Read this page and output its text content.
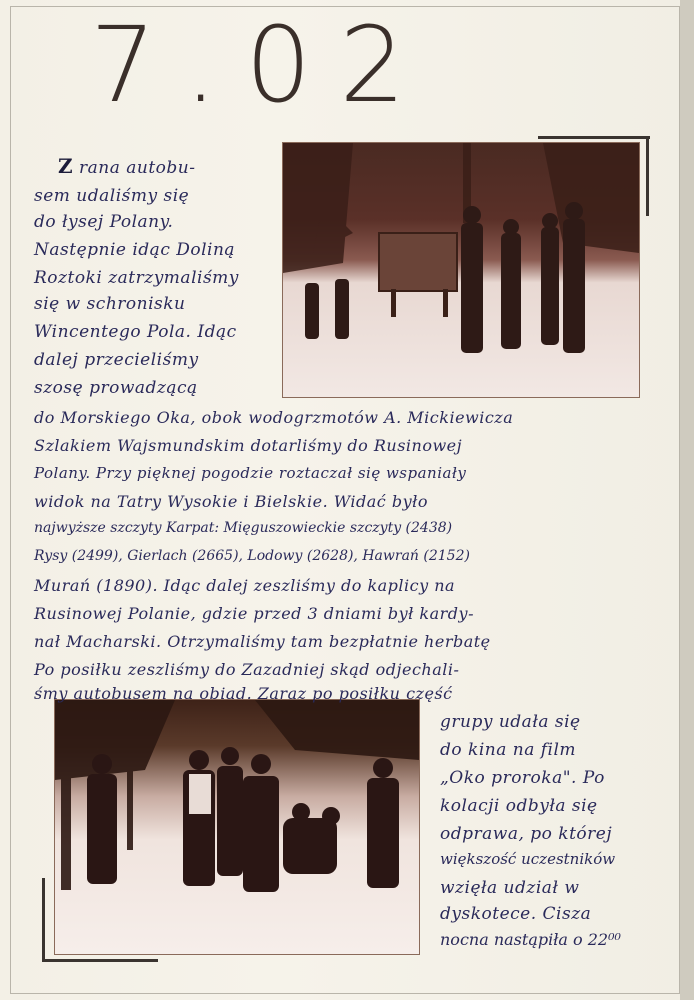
7.02
Z rana autobu-
sem udaliśmy się
do łysej Polany.
Następnie idąc Doliną
Roztoki zatrzymaliśmy
się w schronisku
Wincentego Pola. Idąc
dalej przecieliśmy
szosę prowadzącą
do Morskiego Oka, obok wodogrzmotów A. Mickiewicza
Szlakiem Wajsmundskim dotarliśmy do Rusinowej
Polany. Przy pięknej pogodzie roztaczał się wspaniały
widok na Tatry Wysokie i Bielskie. Widać było
najwyższe szczyty Karpat: Mięguszowieckie szczyty (2438)
Rysy (2499), Gierlach (2665), Lodowy (2628), Hawrań (2152)
Murań (1890). Idąc dalej zeszliśmy do kaplicy na
Rusinowej Polanie, gdzie przed 3 dniami był kardy-
nał Macharski. Otrzymaliśmy tam bezpłatnie herbatę
Po posiłku zeszliśmy do Zazadniej skąd odjechali-
śmy autobusem na obiad. Zaraz po posiłku część
grupy udała się
do kina na film
„Oko proroka". Po
kolacji odbyła się
odprawa, po której
większość uczestników
wzięła udział w
dyskotece. Cisza
nocna nastąpiła o 22⁰⁰
